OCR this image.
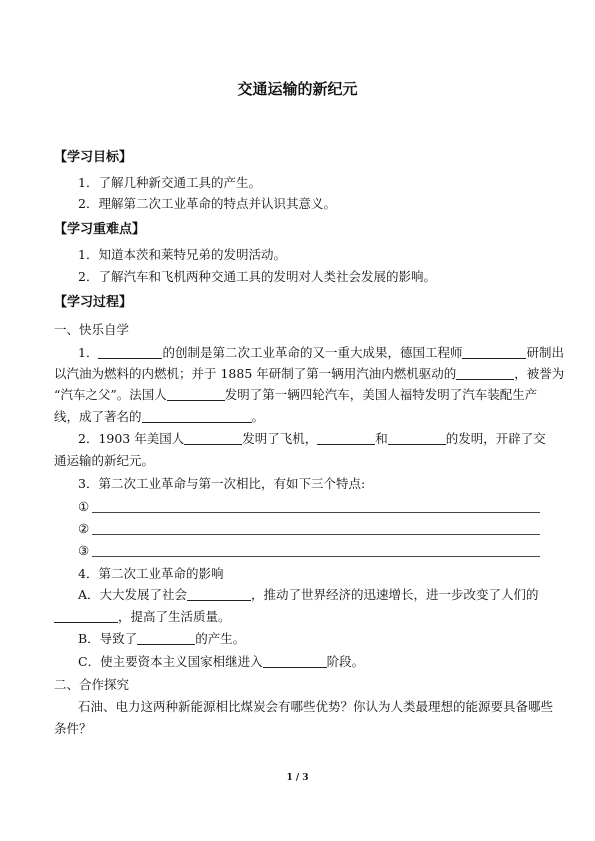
交通运输的新纪元
【学习目标】
1．了解几种新交通工具的产生。
2．理解第二次工业革命的特点并认识其意义。
【学习重难点】
1．知道本茨和莱特兄弟的发明活动。
2．了解汽车和飞机两种交通工具的发明对人类社会发展的影响。
【学习过程】
一、快乐自学
1．	的创制是第二次工业革命的又一重大成果，德国工程师	研制出
以汽油为燃料的内燃机；并于 1885 年研制了第一辆用汽油内燃机驱动的	，被誉为
“汽车之父”。法国人	发明了第一辆四轮汽车，美国人福特发明了汽车装配生产
线，成了著名的	。
2．1903 年美国人	发明了飞机，	和	的发明，开辟了交
通运输的新纪元。
3．第二次工业革命与第一次相比，有如下三个特点:
①
②
③
4．第二次工业革命的影响
A．大大发展了社会	，推动了世界经济的迅速增长，进一步改变了人们的
，提高了生活质量。
B．导致了	的产生。
C．使主要资本主义国家相继进入	阶段。
二、合作探究
石油、电力这两种新能源相比煤炭会有哪些优势？你认为人类最理想的能源要具备哪些
条件？
1 / 3
